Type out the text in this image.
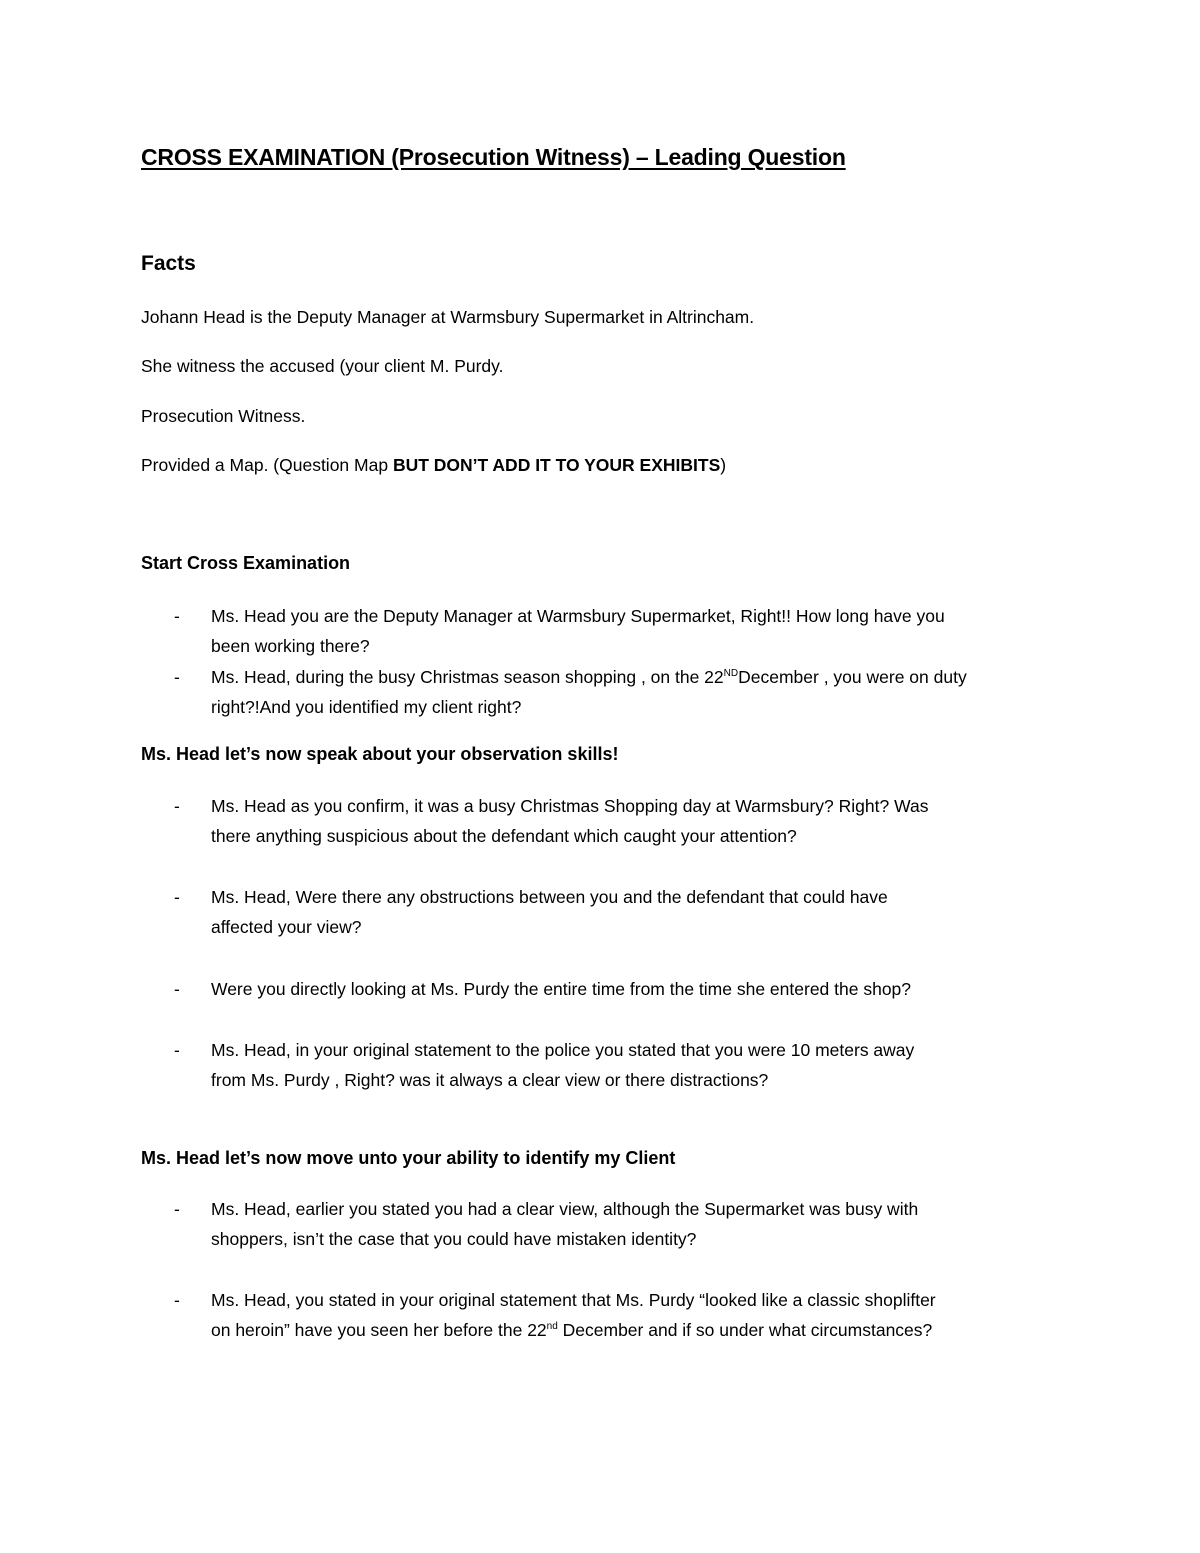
CROSS EXAMINATION (Prosecution Witness) – Leading Question
Facts

Johann Head is the Deputy Manager at Warmsbury Supermarket in Altrincham.

She witness the accused (your client M. Purdy.

Prosecution Witness.

Provided a Map. (Question Map BUT DON’T ADD IT TO YOUR EXHIBITS)

Start Cross Examination
-	Ms. Head you are the Deputy Manager at Warmsbury Supermarket, Right!! How long have you
been working there?
-	Ms. Head, during the busy Christmas season shopping , on the 22NDDecember , you were on duty
right?!And you identified my client right?
Ms. Head let’s now speak about your observation skills!
-	Ms. Head as you confirm, it was a busy Christmas Shopping day at Warmsbury? Right? Was
there anything suspicious about the defendant which caught your attention?
-	Ms. Head, Were there any obstructions between you and the defendant that could have
affected your view?
-	Were you directly looking at Ms. Purdy the entire time from the time she entered the shop?
-	Ms. Head, in your original statement to the police you stated that you were 10 meters away
from Ms. Purdy , Right? was it always a clear view or there distractions?
Ms. Head let’s now move unto your ability to identify my Client
-	Ms. Head, earlier you stated you had a clear view, although the Supermarket was busy with
shoppers, isn’t the case that you could have mistaken identity?
-	Ms. Head, you stated in your original statement that Ms. Purdy “looked like a classic shoplifter
on heroin” have you seen her before the 22nd December and if so under what circumstances?
